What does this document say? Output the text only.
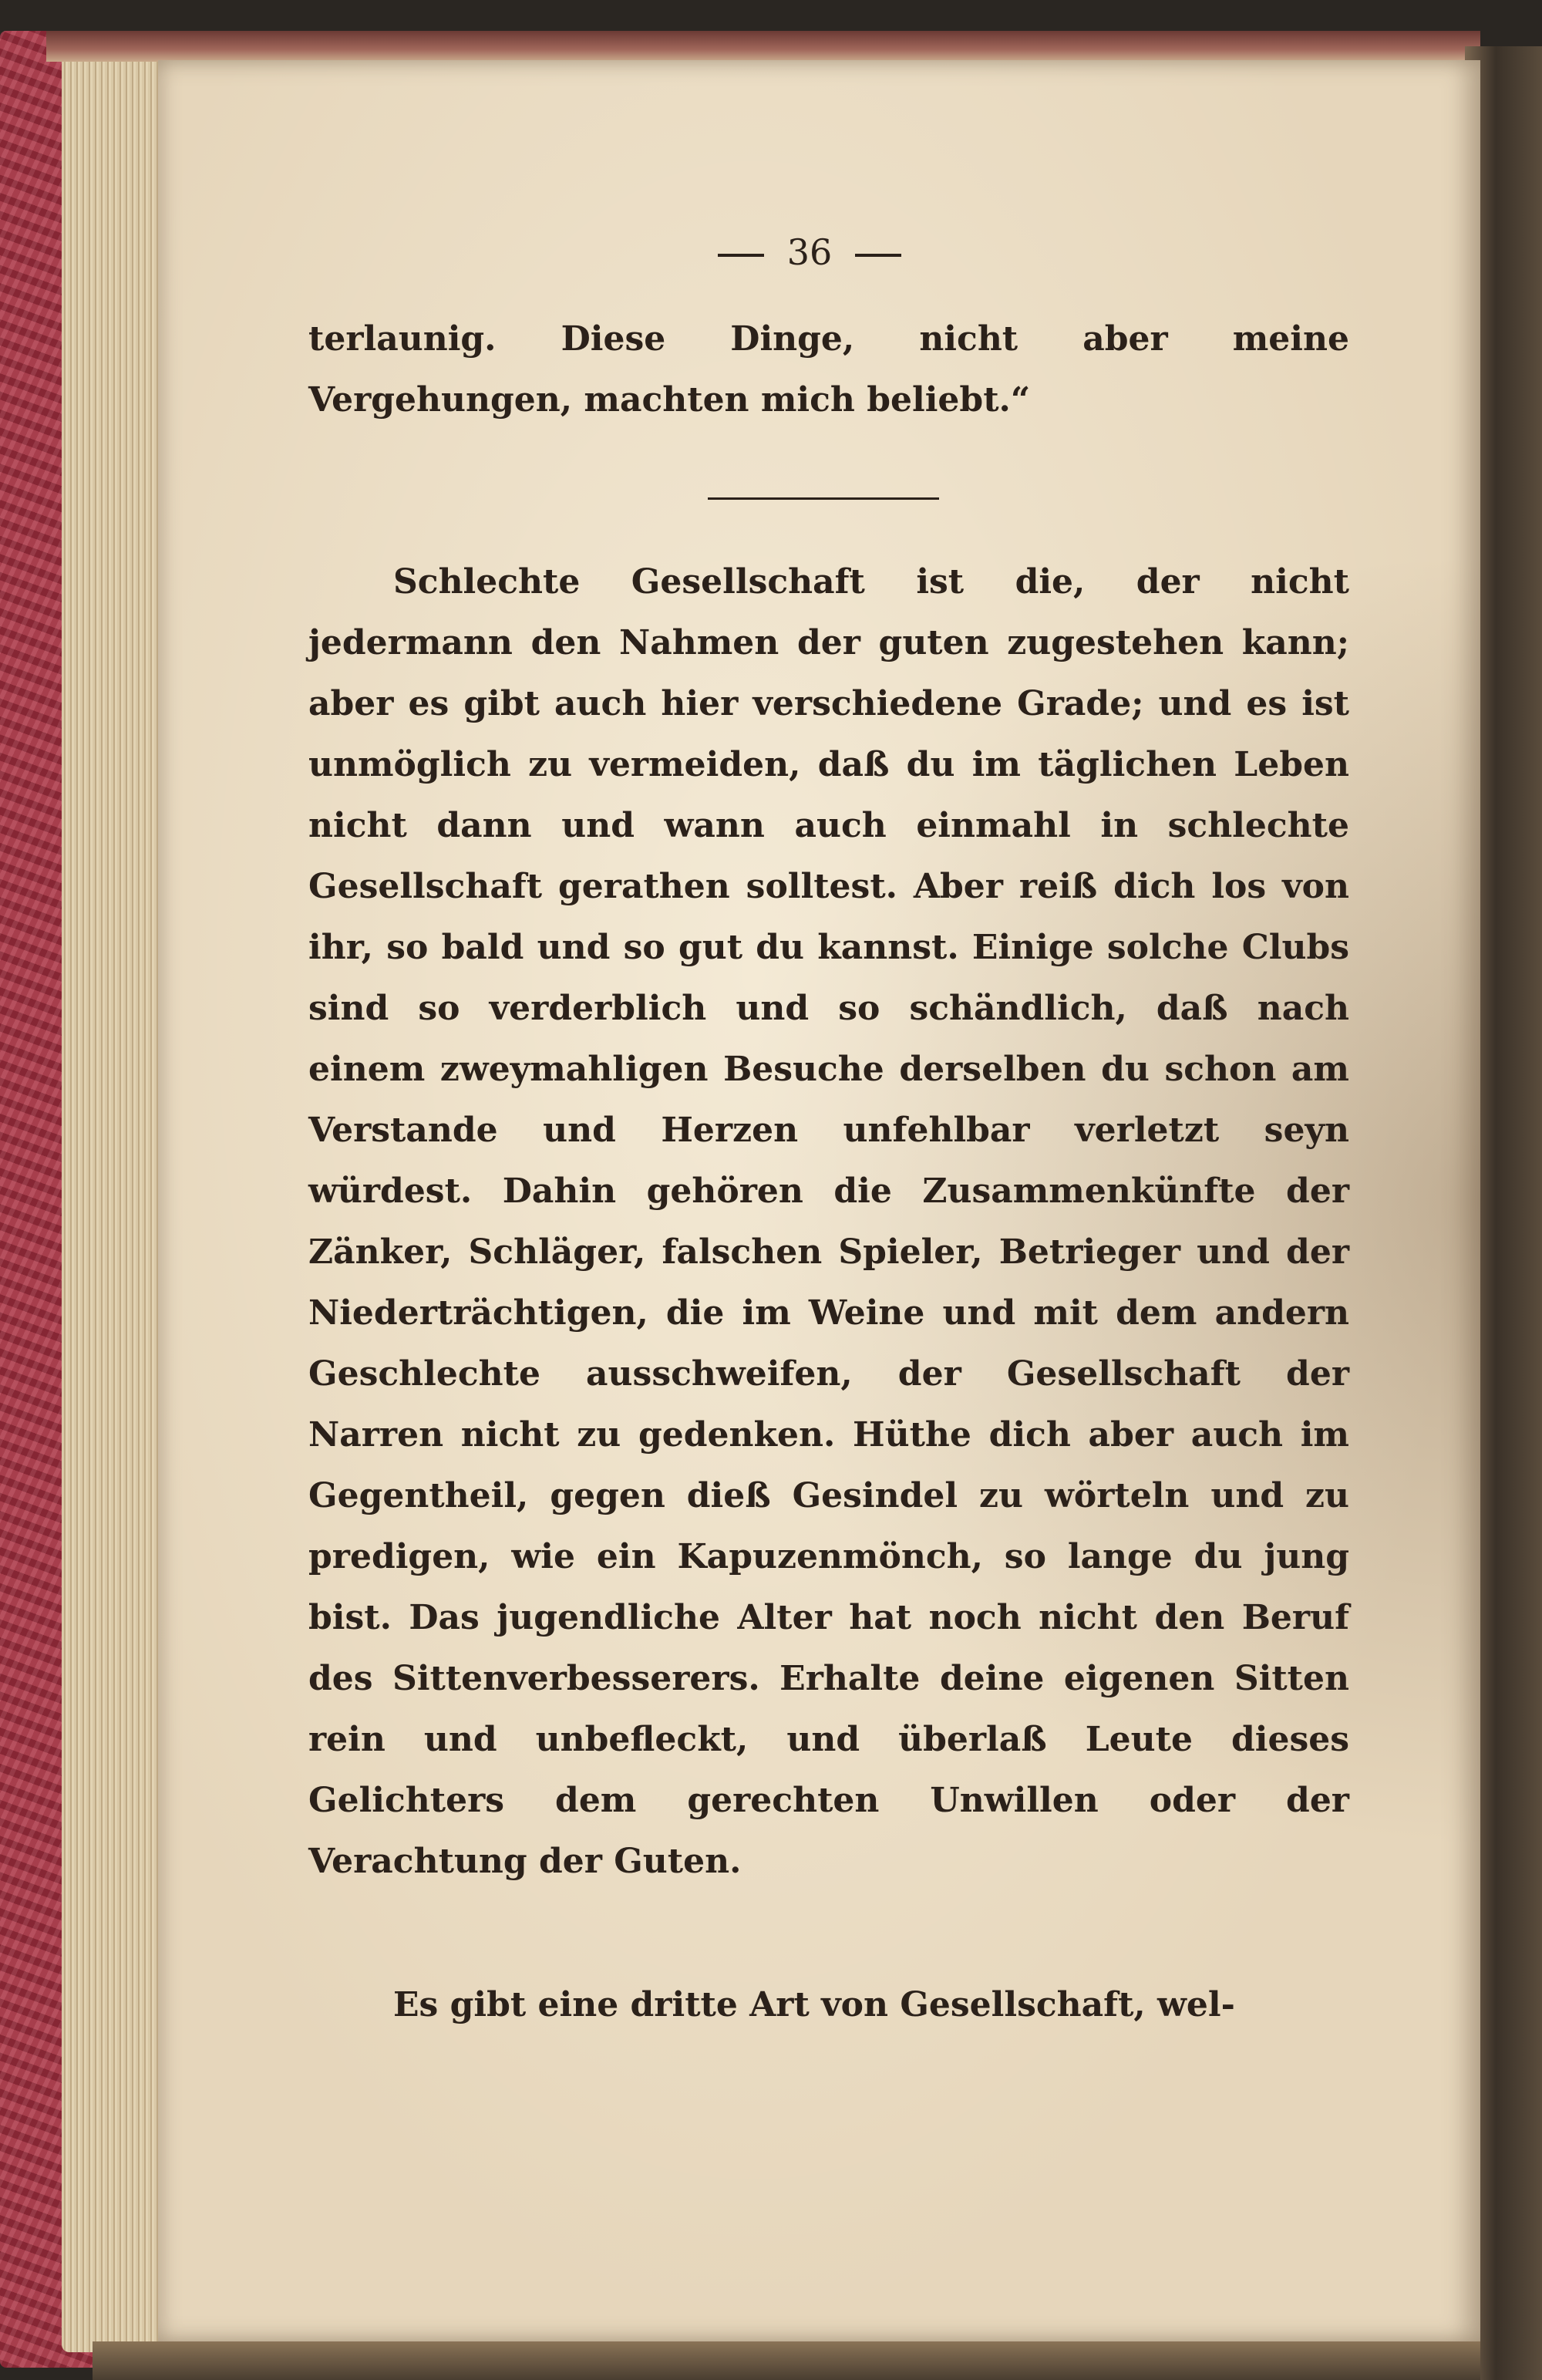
36

terlaunig. Diese Dinge, nicht aber meine Vergehungen, machten mich beliebt.“

Schlechte Gesellschaft ist die, der nicht jedermann den Nahmen der guten zugestehen kann; aber es gibt auch hier verschiedene Grade; und es ist unmöglich zu vermeiden, daß du im täglichen Leben nicht dann und wann auch einmahl in schlechte Gesellschaft gerathen solltest. Aber reiß dich los von ihr, so bald und so gut du kannst. Einige solche Clubs sind so verderblich und so schändlich, daß nach einem zweymahligen Besuche derselben du schon am Verstande und Herzen unfehlbar verletzt seyn würdest. Dahin gehören die Zusammenkünfte der Zänker, Schläger, falschen Spieler, Betrieger und der Niederträchtigen, die im Weine und mit dem andern Geschlechte ausschweifen, der Gesellschaft der Narren nicht zu gedenken. Hüthe dich aber auch im Gegentheil, gegen dieß Gesindel zu wörteln und zu predigen, wie ein Kapuzenmönch, so lange du jung bist. Das jugendliche Alter hat noch nicht den Beruf des Sittenverbesserers. Erhalte deine eigenen Sitten rein und unbefleckt, und überlaß Leute dieses Gelichters dem gerechten Unwillen oder der Verachtung der Guten.

Es gibt eine dritte Art von Gesellschaft, wel-
